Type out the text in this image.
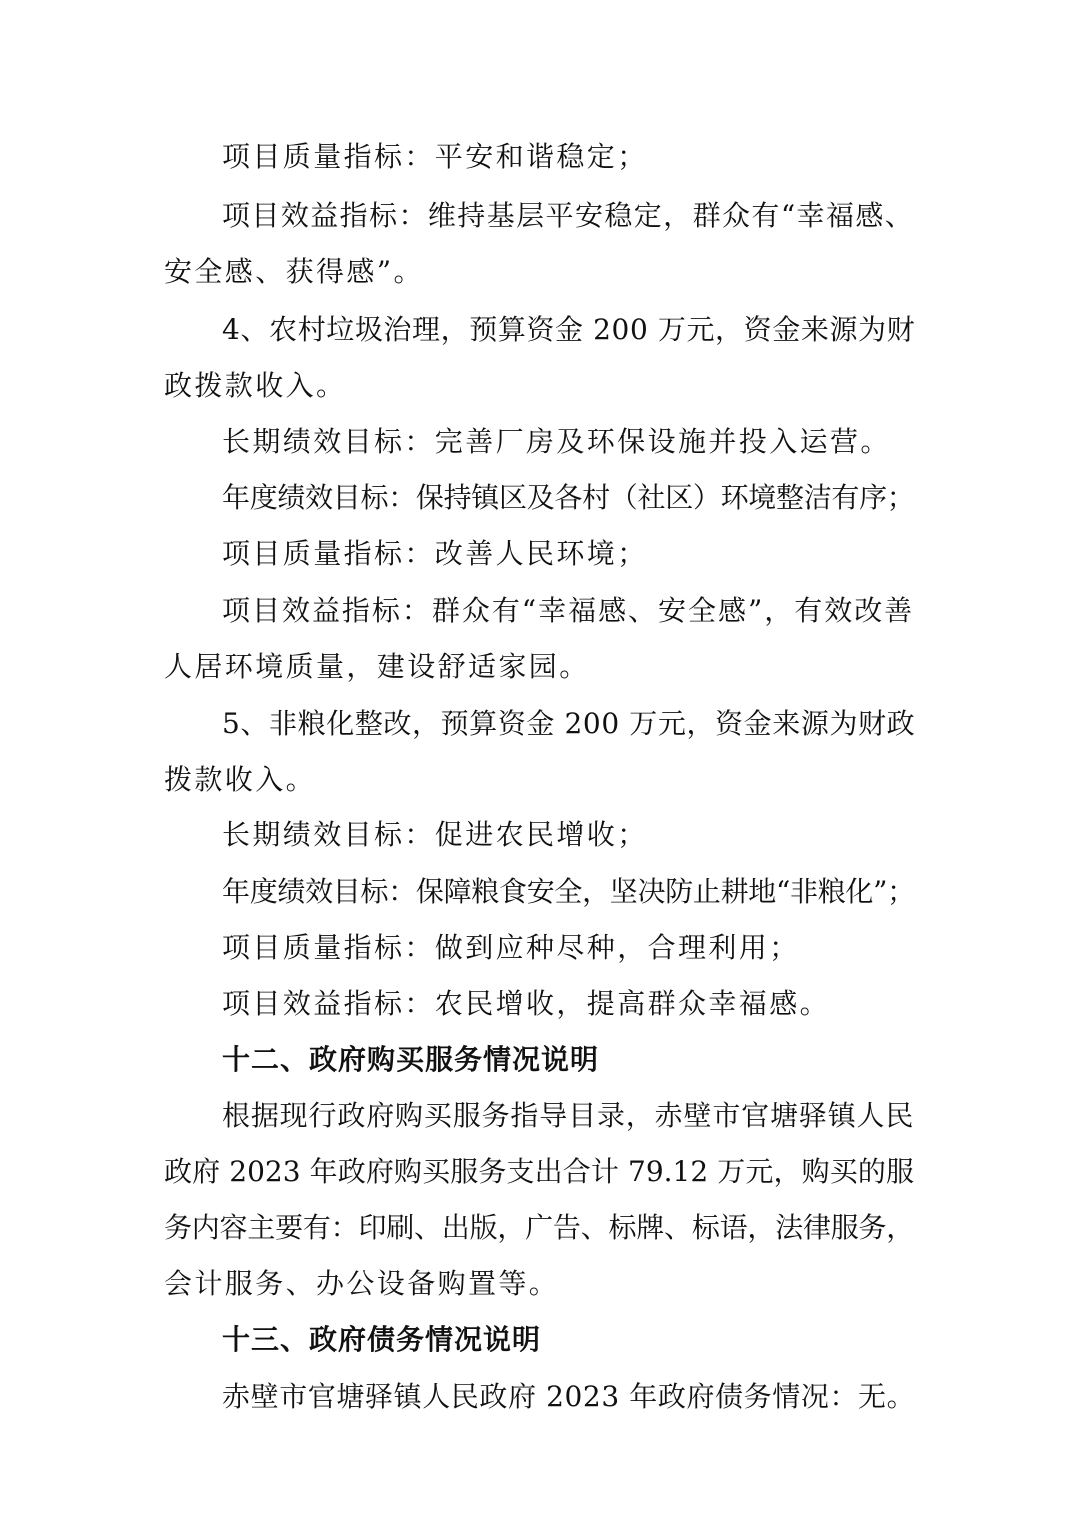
项目质量指标：平安和谐稳定；
项目效益指标：维持基层平安稳定，群众有“幸福感、
安全感、获得感”。
4、农村垃圾治理，预算资金 200 万元，资金来源为财
政拨款收入。
长期绩效目标：完善厂房及环保设施并投入运营。
年度绩效目标：保持镇区及各村（社区）环境整洁有序；
项目质量指标：改善人民环境；
项目效益指标：群众有“幸福感、安全感”，有效改善
人居环境质量，建设舒适家园。
5、非粮化整改，预算资金 200 万元，资金来源为财政
拨款收入。
长期绩效目标：促进农民增收；
年度绩效目标：保障粮食安全，坚决防止耕地“非粮化”；
项目质量指标：做到应种尽种，合理利用；
项目效益指标：农民增收，提高群众幸福感。
十二、政府购买服务情况说明
根据现行政府购买服务指导目录，赤壁市官塘驿镇人民
政府 2023 年政府购买服务支出合计 79.12 万元，购买的服
务内容主要有：印刷、出版，广告、标牌、标语，法律服务，
会计服务、办公设备购置等。
十三、政府债务情况说明
赤壁市官塘驿镇人民政府 2023 年政府债务情况：无。
